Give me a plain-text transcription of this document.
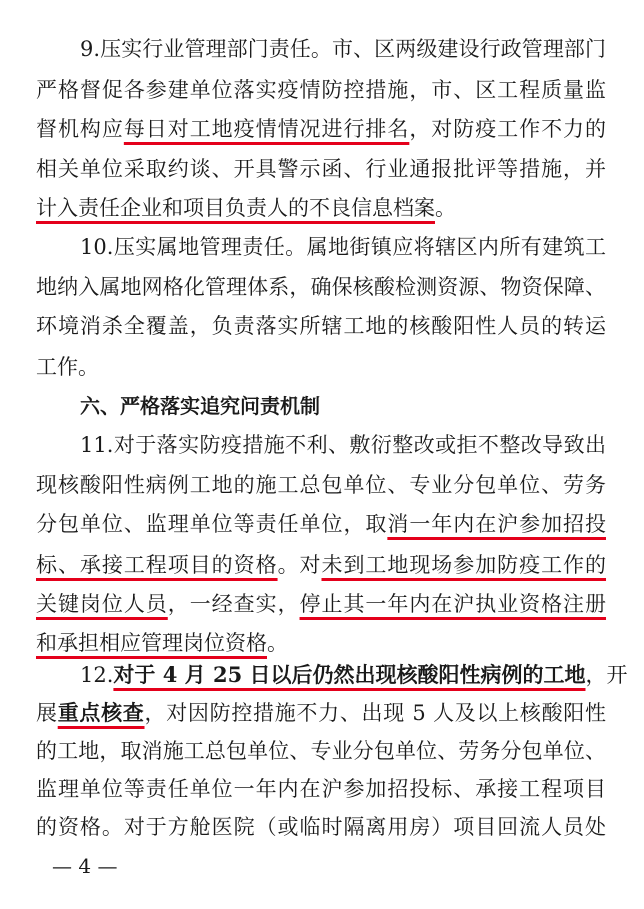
9.压实行业管理部门责任。市、区两级建设行政管理部门
严格督促各参建单位落实疫情防控措施，市、区工程质量监
督机构应每日对工地疫情情况进行排名，对防疫工作不力的
相关单位采取约谈、开具警示函、行业通报批评等措施，并
计入责任企业和项目负责人的不良信息档案。
10.压实属地管理责任。属地街镇应将辖区内所有建筑工
地纳入属地网格化管理体系，确保核酸检测资源、物资保障、
环境消杀全覆盖，负责落实所辖工地的核酸阳性人员的转运
工作。
六、严格落实追究问责机制
11.对于落实防疫措施不利、敷衍整改或拒不整改导致出
现核酸阳性病例工地的施工总包单位、专业分包单位、劳务
分包单位、监理单位等责任单位，取消一年内在沪参加招投
标、承接工程项目的资格。对未到工地现场参加防疫工作的
关键岗位人员，一经查实，停止其一年内在沪执业资格注册
和承担相应管理岗位资格。
12.对于 4 月 25 日以后仍然出现核酸阳性病例的工地，开
展重点核查，对因防控措施不力、出现 5 人及以上核酸阳性
的工地，取消施工总包单位、专业分包单位、劳务分包单位、
监理单位等责任单位一年内在沪参加招投标、承接工程项目
— 4 —
的资格。对于方舱医院（或临时隔离用房）项目回流人员处
